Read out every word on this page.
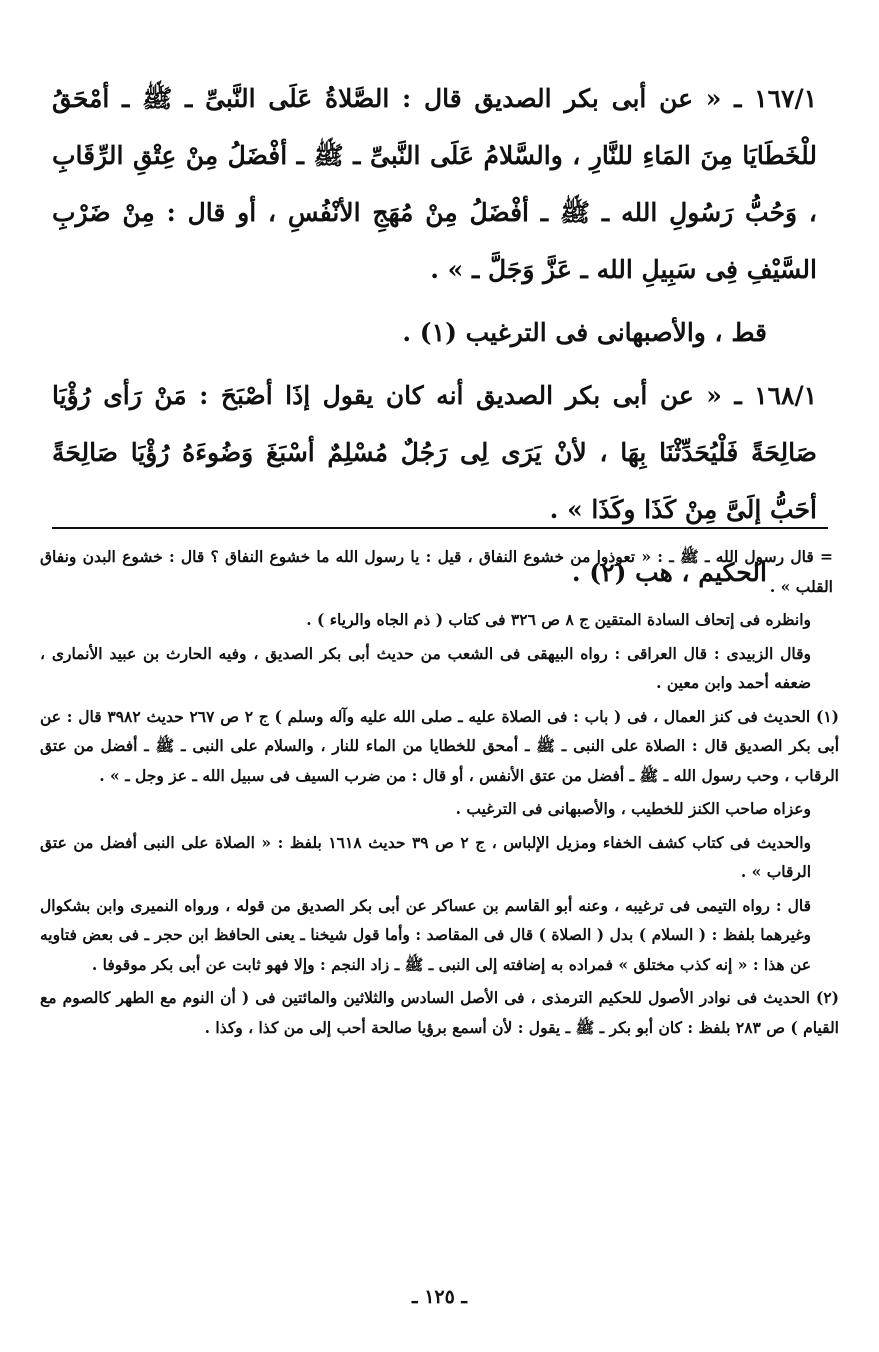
١٦٧/١ ـ « عن أبى بكر الصديق قال : الصَّلاةُ عَلَى النَّبىِّ ـ ﷺ ـ أمْحَقُ للْخَطَايَا مِنَ المَاءِ للنَّارِ ، والسَّلامُ عَلَى النَّبىِّ ـ ﷺ ـ أفْضَلُ مِنْ عِتْقِ الرِّقَابِ ، وَحُبُّ رَسُولِ الله ـ ﷺ ـ أفْضَلُ مِنْ مُهَجِ الأنْفُسِ ، أو قال : مِنْ ضَرْبِ السَّيْفِ فِى سَبِيلِ الله ـ عَزَّ وَجَلَّ ـ » .

قط ، والأصبهانى فى الترغيب (١) .

١٦٨/١ ـ « عن أبى بكر الصديق أنه كان يقول إذَا أصْبَحَ : مَنْ رَأى رُؤْيَا صَالِحَةً فَلْيُحَدِّثْنَا بِهَا ، لأنْ يَرَى لِى رَجُلٌ مُسْلِمٌ أسْبَغَ وَضُوءَهُ رُؤْيَا صَالِحَةً أحَبُّ إلَىَّ مِنْ كَذَا وكَذَا » .

الحكيم ، هب (٢) .

= قال رسول الله ـ ﷺ ـ : « تعوذوا من خشوع النفاق ، قيل : يا رسول الله ما خشوع النفاق ؟ قال : خشوع البدن ونفاق القلب » .

وانظره فى إتحاف السادة المتقين ج ٨ ص ٣٢٦ فى كتاب ( ذم الجاه والرياء ) .

وقال الزبيدى : قال العراقى : رواه البيهقى فى الشعب من حديث أبى بكر الصديق ، وفيه الحارث بن عبيد الأنمارى ، ضعفه أحمد وابن معين .

(١) الحديث فى كنز العمال ، فى ( باب : فى الصلاة عليه ـ صلى الله عليه وآله وسلم ) ج ٢ ص ٢٦٧ حديث ٣٩٨٢ قال : عن أبى بكر الصديق قال : الصلاة على النبى ـ ﷺ ـ أمحق للخطايا من الماء للنار ، والسلام على النبى ـ ﷺ ـ أفضل من عتق الرقاب ، وحب رسول الله ـ ﷺ ـ أفضل من عتق الأنفس ، أو قال : من ضرب السيف فى سبيل الله ـ عز وجل ـ » .

وعزاه صاحب الكنز للخطيب ، والأصبهانى فى الترغيب .

والحديث فى كتاب كشف الخفاء ومزيل الإلباس ، ج ٢ ص ٣٩ حديث ١٦١٨ بلفظ : « الصلاة على النبى أفضل من عتق الرقاب » .

قال : رواه التيمى فى ترغيبه ، وعنه أبو القاسم بن عساكر عن أبى بكر الصديق من قوله ، ورواه النميرى وابن بشكوال وغيرهما بلفظ : ( السلام ) بدل ( الصلاة ) قال فى المقاصد : وأما قول شيخنا ـ يعنى الحافظ ابن حجر ـ فى بعض فتاويه عن هذا : « إنه كذب مختلق » فمراده به إضافته إلى النبى ـ ﷺ ـ زاد النجم : وإلا فهو ثابت عن أبى بكر موقوفا .

(٢) الحديث فى نوادر الأصول للحكيم الترمذى ، فى الأصل السادس والثلاثين والمائتين فى ( أن النوم مع الطهر كالصوم مع القيام ) ص ٢٨٣ بلفظ : كان أبو بكر ـ ﷺ ـ يقول : لأن أسمع برؤيا صالحة أحب إلى من كذا ، وكذا .

ـ ١٢٥ ـ
